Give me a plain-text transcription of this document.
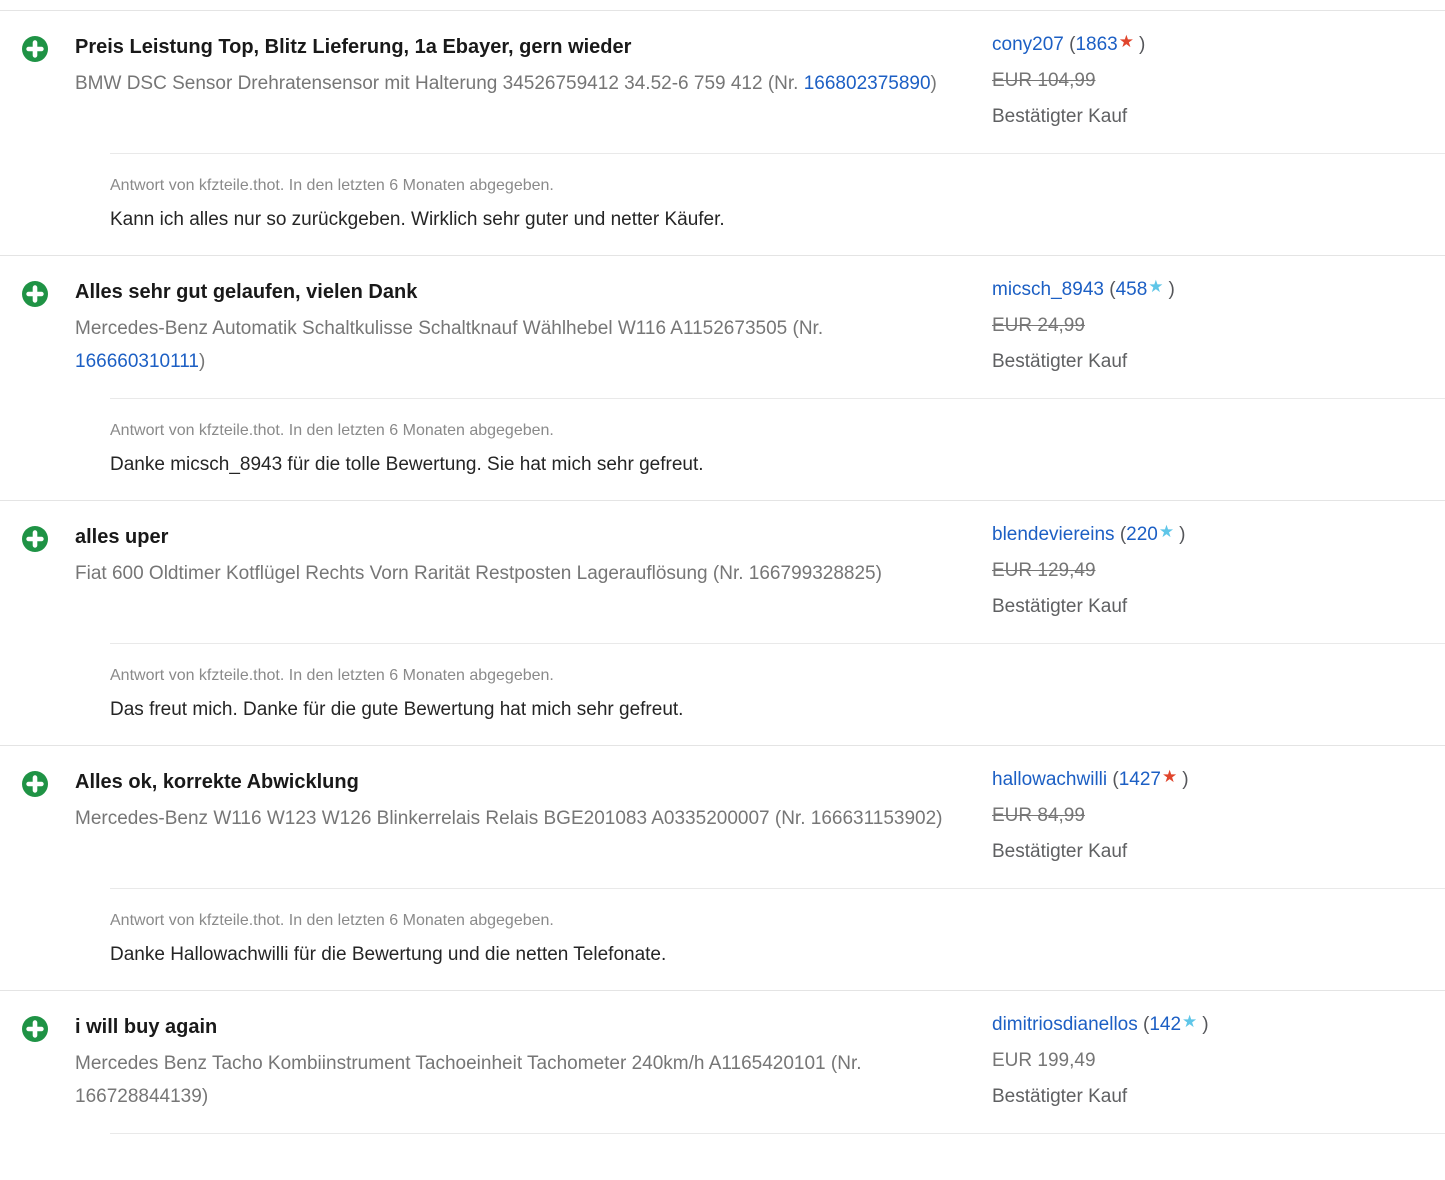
Preis Leistung Top, Blitz Lieferung, 1a Ebayer, gern wieder

BMW DSC Sensor Drehratensensor mit Halterung 34526759412 34.52-6 759 412 (Nr. 166802375890)

cony207 (1863★ )
EUR 104,99
Bestätigter Kauf
Antwort von kfzteile.thot. In den letzten 6 Monaten abgegeben.
Kann ich alles nur so zurückgeben. Wirklich sehr guter und netter Käufer.
Alles sehr gut gelaufen, vielen Dank

Mercedes-Benz Automatik Schaltkulisse Schaltknauf Wählhebel W116 A1152673505 (Nr. 166660310111)

micsch_8943 (458★ )
EUR 24,99
Bestätigter Kauf
Antwort von kfzteile.thot. In den letzten 6 Monaten abgegeben.
Danke micsch_8943 für die tolle Bewertung. Sie hat mich sehr gefreut.
alles uper

Fiat 600 Oldtimer Kotflügel Rechts Vorn Rarität Restposten Lagerauflösung (Nr. 166799328825)

blendeviereins (220★ )
EUR 129,49
Bestätigter Kauf
Antwort von kfzteile.thot. In den letzten 6 Monaten abgegeben.
Das freut mich. Danke für die gute Bewertung hat mich sehr gefreut.
Alles ok, korrekte Abwicklung

Mercedes-Benz W116 W123 W126 Blinkerrelais Relais BGE201083 A0335200007 (Nr. 166631153902)

hallowachwilli (1427★ )
EUR 84,99
Bestätigter Kauf
Antwort von kfzteile.thot. In den letzten 6 Monaten abgegeben.
Danke Hallowachwilli für die Bewertung und die netten Telefonate.
i will buy again

Mercedes Benz Tacho Kombiinstrument Tachoeinheit Tachometer 240km/h A1165420101 (Nr. 166728844139)

dimitriosdianellos (142★ )
EUR 199,49
Bestätigter Kauf
